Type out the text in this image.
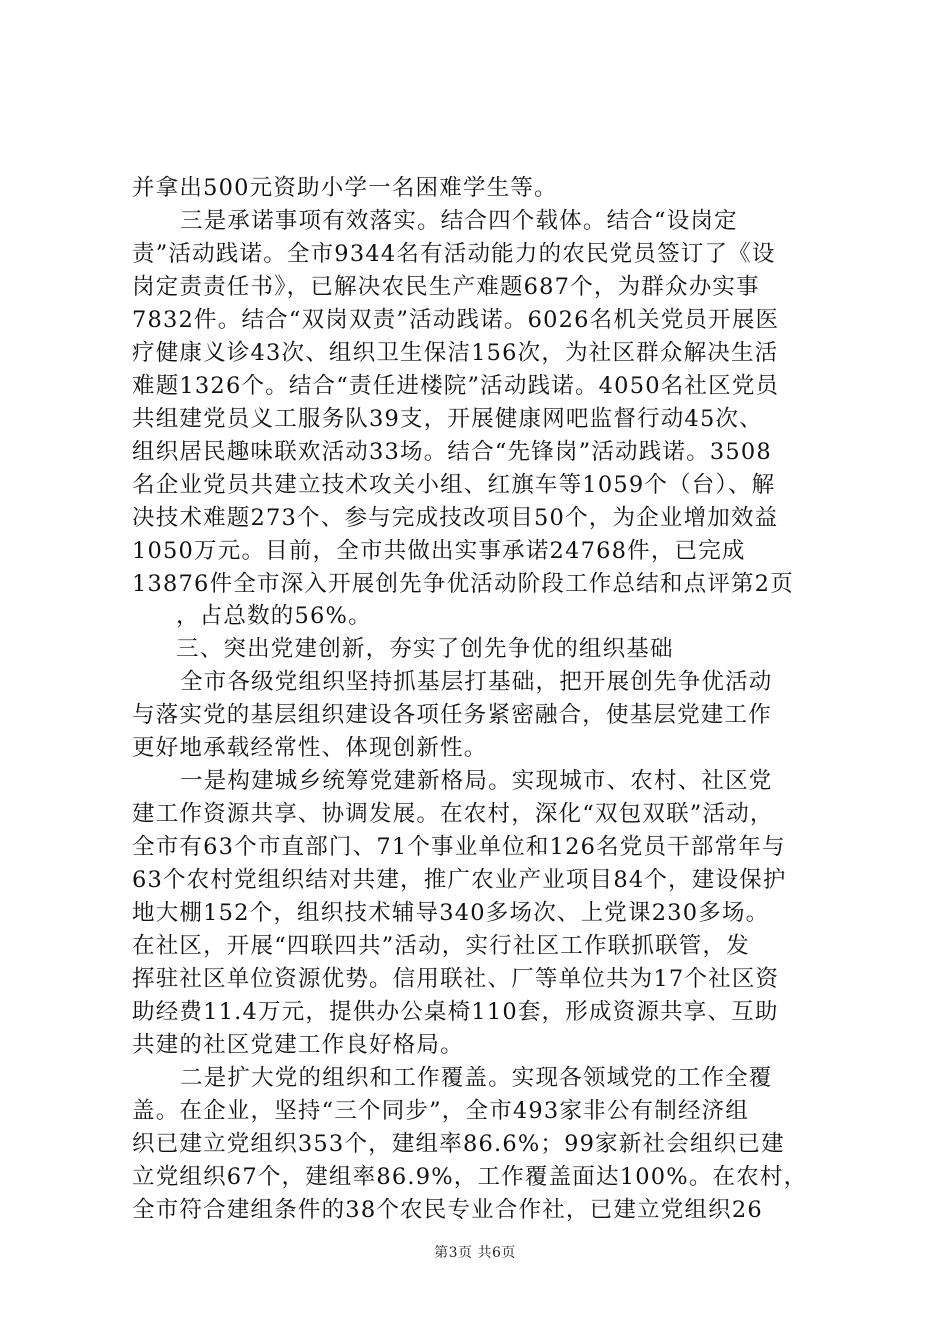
并拿出500元资助小学一名困难学生等。
三是承诺事项有效落实。结合四个载体。结合“设岗定
责”活动践诺。全市9344名有活动能力的农民党员签订了《设
岗定责责任书》，已解决农民生产难题687个，为群众办实事
7832件。结合“双岗双责”活动践诺。6026名机关党员开展医
疗健康义诊43次、组织卫生保洁156次，为社区群众解决生活
难题1326个。结合“责任进楼院”活动践诺。4050名社区党员
共组建党员义工服务队39支，开展健康网吧监督行动45次、
组织居民趣味联欢活动33场。结合“先锋岗”活动践诺。3508
名企业党员共建立技术攻关小组、红旗车等1059个（台）、解
决技术难题273个、参与完成技改项目50个，为企业增加效益
1050万元。目前，全市共做出实事承诺24768件，已完成
13876件全市深入开展创先争优活动阶段工作总结和点评第2页
，占总数的56%。
三、突出党建创新，夯实了创先争优的组织基础
全市各级党组织坚持抓基层打基础，把开展创先争优活动
与落实党的基层组织建设各项任务紧密融合，使基层党建工作
更好地承载经常性、体现创新性。
一是构建城乡统筹党建新格局。实现城市、农村、社区党
建工作资源共享、协调发展。在农村，深化“双包双联”活动，
全市有63个市直部门、71个事业单位和126名党员干部常年与
63个农村党组织结对共建，推广农业产业项目84个，建设保护
地大棚152个，组织技术辅导340多场次、上党课230多场。
在社区，开展“四联四共”活动，实行社区工作联抓联管，发
挥驻社区单位资源优势。信用联社、厂等单位共为17个社区资
助经费11.4万元，提供办公桌椅110套，形成资源共享、互助
共建的社区党建工作良好格局。
二是扩大党的组织和工作覆盖。实现各领域党的工作全覆
盖。在企业，坚持“三个同步”，全市493家非公有制经济组
织已建立党组织353个，建组率86.6%；99家新社会组织已建
立党组织67个，建组率86.9%，工作覆盖面达100%。在农村，
全市符合建组条件的38个农民专业合作社，已建立党组织26
第3页 共6页
